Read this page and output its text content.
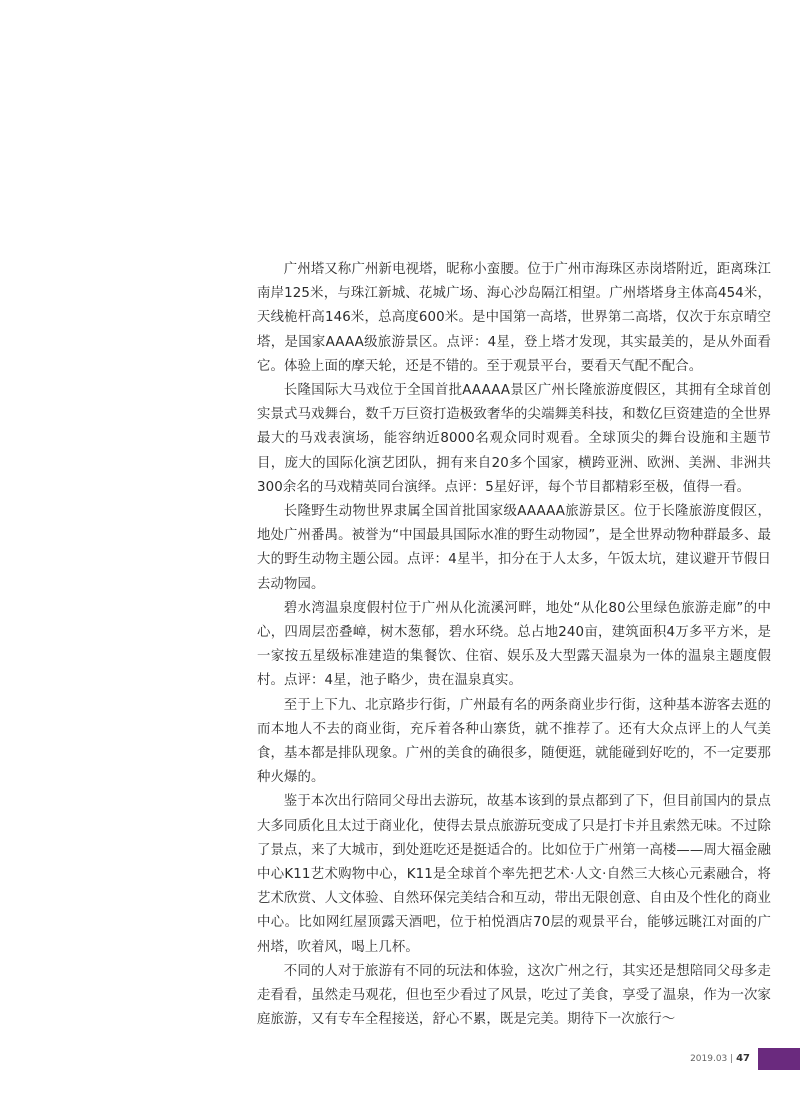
广州塔又称广州新电视塔，昵称小蛮腰。位于广州市海珠区赤岗塔附近，距离珠江南岸125米，与珠江新城、花城广场、海心沙岛隔江相望。广州塔塔身主体高454米，天线桅杆高146米，总高度600米。是中国第一高塔，世界第二高塔，仅次于东京晴空塔，是国家AAAA级旅游景区。点评：4星，登上塔才发现，其实最美的，是从外面看它。体验上面的摩天轮，还是不错的。至于观景平台，要看天气配不配合。

长隆国际大马戏位于全国首批AAAAA景区广州长隆旅游度假区，其拥有全球首创实景式马戏舞台，数千万巨资打造极致奢华的尖端舞美科技，和数亿巨资建造的全世界最大的马戏表演场，能容纳近8000名观众同时观看。全球顶尖的舞台设施和主题节目，庞大的国际化演艺团队，拥有来自20多个国家，横跨亚洲、欧洲、美洲、非洲共300余名的马戏精英同台演绎。点评：5星好评，每个节目都精彩至极，值得一看。

长隆野生动物世界隶属全国首批国家级AAAAA旅游景区。位于长隆旅游度假区，地处广州番禺。被誉为“中国最具国际水准的野生动物园”，是全世界动物种群最多、最大的野生动物主题公园。点评：4星半，扣分在于人太多，午饭太坑，建议避开节假日去动物园。

碧水湾温泉度假村位于广州从化流溪河畔，地处“从化80公里绿色旅游走廊”的中心，四周层峦叠嶂，树木葱郁，碧水环绕。总占地240亩，建筑面积4万多平方米，是一家按五星级标准建造的集餐饮、住宿、娱乐及大型露天温泉为一体的温泉主题度假村。点评：4星，池子略少，贵在温泉真实。

至于上下九、北京路步行街，广州最有名的两条商业步行街，这种基本游客去逛的而本地人不去的商业街，充斥着各种山寨货，就不推荐了。还有大众点评上的人气美食，基本都是排队现象。广州的美食的确很多，随便逛，就能碰到好吃的，不一定要那种火爆的。

鉴于本次出行陪同父母出去游玩，故基本该到的景点都到了下，但目前国内的景点大多同质化且太过于商业化，使得去景点旅游玩变成了只是打卡并且索然无味。不过除了景点，来了大城市，到处逛吃还是挺适合的。比如位于广州第一高楼——周大福金融中心K11艺术购物中心，K11是全球首个率先把艺术·人文·自然三大核心元素融合，将艺术欣赏、人文体验、自然环保完美结合和互动，带出无限创意、自由及个性化的商业中心。比如网红屋顶露天酒吧，位于柏悦酒店70层的观景平台，能够远眺江对面的广州塔，吹着风，喝上几杯。

不同的人对于旅游有不同的玩法和体验，这次广州之行，其实还是想陪同父母多走走看看，虽然走马观花，但也至少看过了风景，吃过了美食，享受了温泉，作为一次家庭旅游，又有专车全程接送，舒心不累，既是完美。期待下一次旅行～

2019.03 | 47
